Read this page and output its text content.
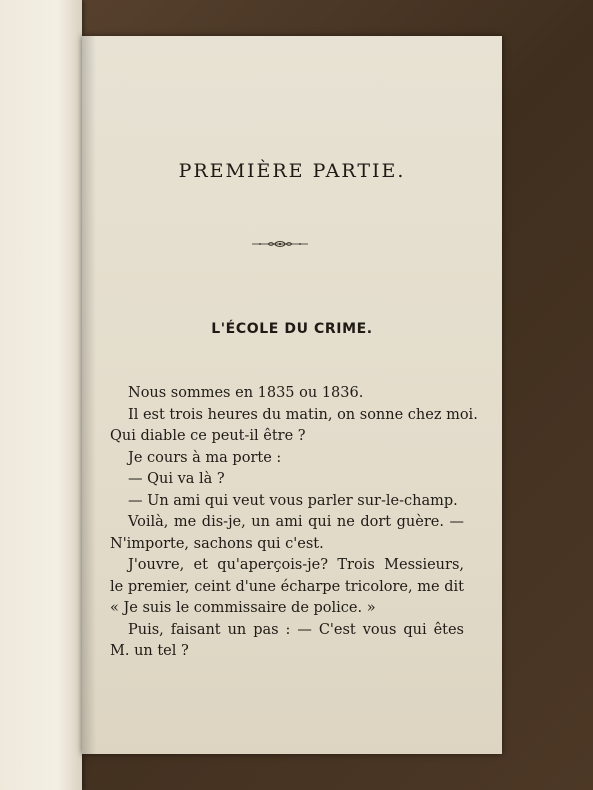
PREMIÈRE PARTIE.
L'ÉCOLE DU CRIME.
Nous sommes en 1835 ou 1836.
Il est trois heures du matin, on sonne chez moi.
Qui diable ce peut-il être ?
Je cours à ma porte :
— Qui va là ?
— Un ami qui veut vous parler sur-le-champ.
Voilà, me dis-je, un ami qui ne dort guère. —
N'importe, sachons qui c'est.
J'ouvre, et qu'aperçois-je? Trois Messieurs,
le premier, ceint d'une écharpe tricolore, me dit
« Je suis le commissaire de police. »
Puis, faisant un pas : — C'est vous qui êtes
M. un tel ?
